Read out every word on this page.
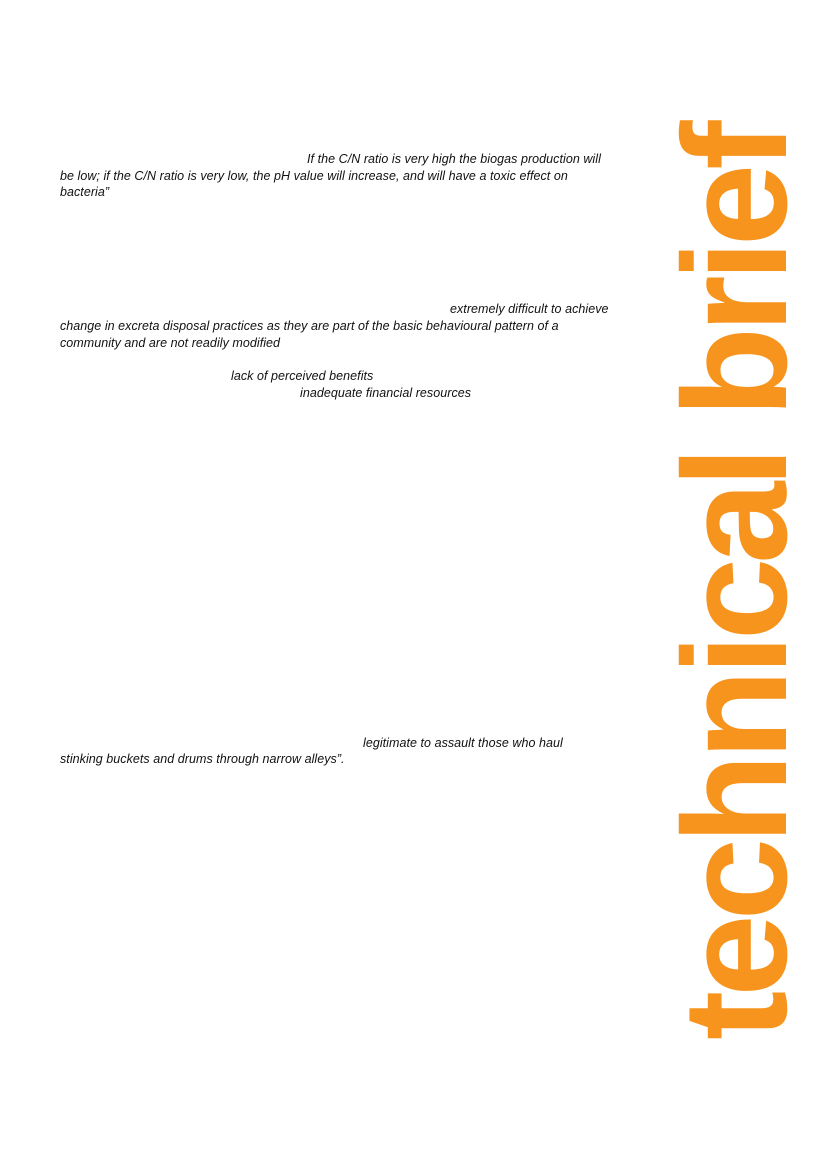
If the C/N ratio is very high the biogas production will
be low; if the C/N ratio is very low, the pH value will increase, and will have a toxic effect on
bacteria”
extremely difficult to achieve
change in excreta disposal practices as they are part of the basic behavioural pattern of a
community and are not readily modified
lack of perceived benefits
inadequate financial resources
legitimate to assault those who haul
stinking buckets and drums through narrow alleys”. technical brief
